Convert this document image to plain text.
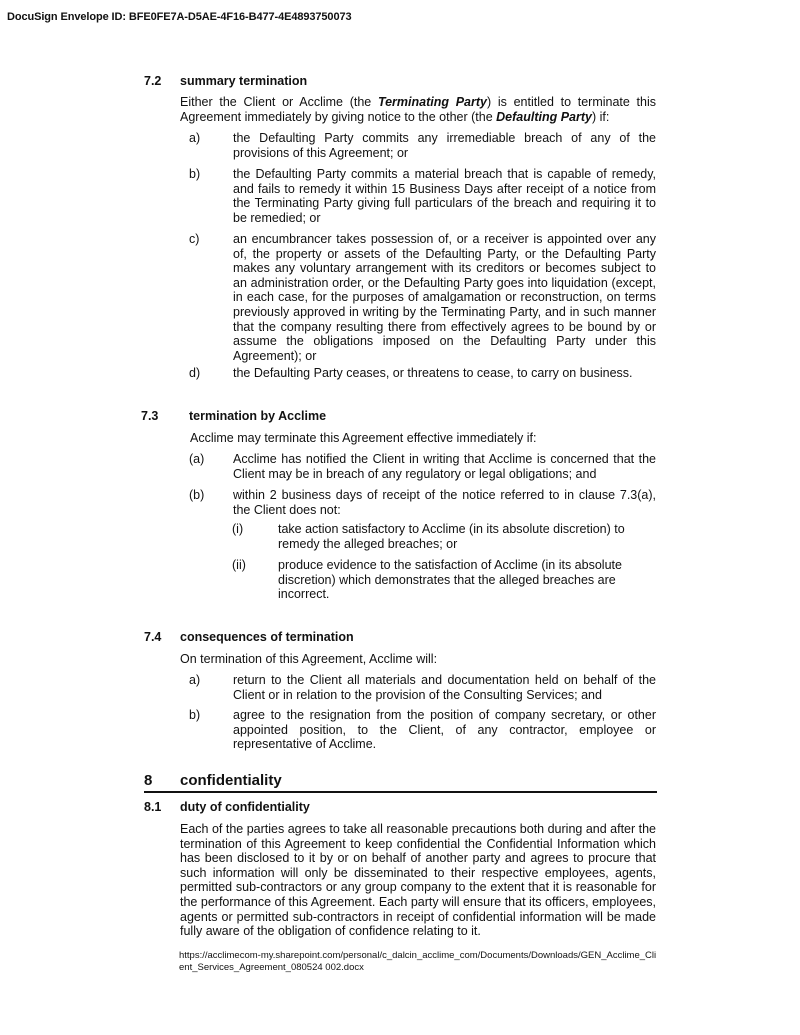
DocuSign Envelope ID: BFE0FE7A-D5AE-4F16-B477-4E4893750073
7.2 summary termination
Either the Client or Acclime (the Terminating Party) is entitled to terminate this Agreement immediately by giving notice to the other (the Defaulting Party) if:
a)	the Defaulting Party commits any irremediable breach of any of the provisions of this Agreement; or
b)	the Defaulting Party commits a material breach that is capable of remedy, and fails to remedy it within 15 Business Days after receipt of a notice from the Terminating Party giving full particulars of the breach and requiring it to be remedied; or
c)	an encumbrancer takes possession of, or a receiver is appointed over any of, the property or assets of the Defaulting Party, or the Defaulting Party makes any voluntary arrangement with its creditors or becomes subject to an administration order, or the Defaulting Party goes into liquidation (except, in each case, for the purposes of amalgamation or reconstruction, on terms previously approved in writing by the Terminating Party, and in such manner that the company resulting there from effectively agrees to be bound by or assume the obligations imposed on the Defaulting Party under this Agreement); or
d)	the Defaulting Party ceases, or threatens to cease, to carry on business.
7.3 termination by Acclime
Acclime may terminate this Agreement effective immediately if:
(a) Acclime has notified the Client in writing that Acclime is concerned that the Client may be in breach of any regulatory or legal obligations; and
(b) within 2 business days of receipt of the notice referred to in clause 7.3(a), the Client does not:
(i)	take action satisfactory to Acclime (in its absolute discretion) to remedy the alleged breaches; or
(ii)	produce evidence to the satisfaction of Acclime (in its absolute discretion) which demonstrates that the alleged breaches are incorrect.
7.4 consequences of termination
On termination of this Agreement, Acclime will:
a)	return to the Client all materials and documentation held on behalf of the Client or in relation to the provision of the Consulting Services; and
b)	agree to the resignation from the position of company secretary, or other appointed position, to the Client, of any contractor, employee or representative of Acclime.
8 confidentiality
8.1 duty of confidentiality
Each of the parties agrees to take all reasonable precautions both during and after the termination of this Agreement to keep confidential the Confidential Information which has been disclosed to it by or on behalf of another party and agrees to procure that such information will only be disseminated to their respective employees, agents, permitted sub-contractors or any group company to the extent that it is reasonable for the performance of this Agreement. Each party will ensure that its officers, employees, agents or permitted sub-contractors in receipt of confidential information will be made fully aware of the obligation of confidence relating to it.
https://acclimecom-my.sharepoint.com/personal/c_dalcin_acclime_com/Documents/Downloads/GEN_Acclime_Client_Services_Agreement_080524 002.docx
